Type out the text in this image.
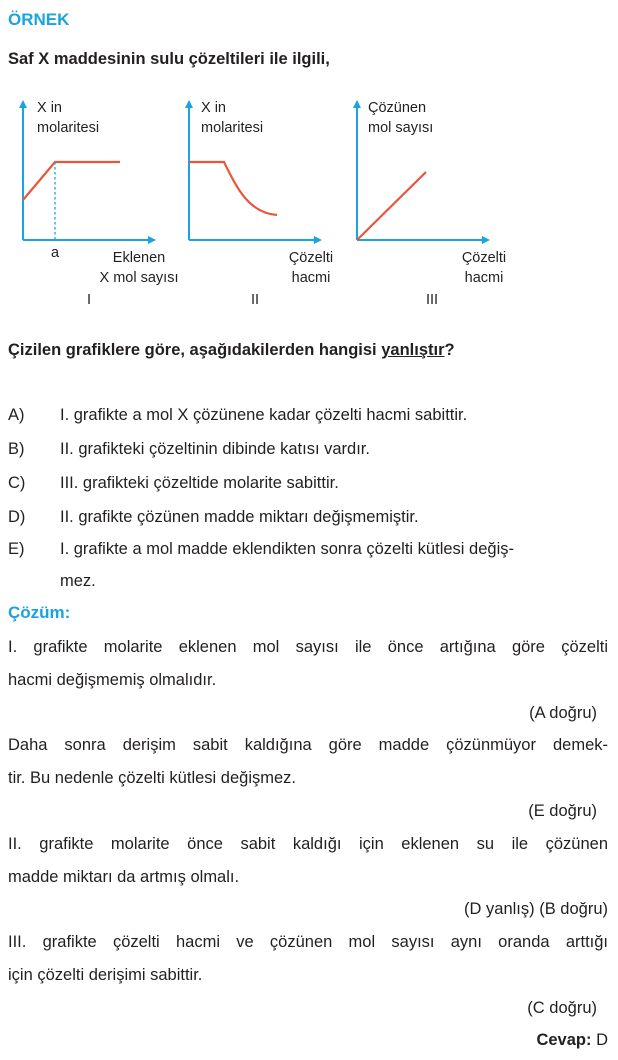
ÖRNEK
Saf X maddesinin sulu çözeltileri ile ilgili,
X in
molaritesi
a	Eklenen
X mol sayısı
I
X in
molaritesi
Çözelti
hacmi
II
Çözünen
mol sayısı
Çözelti
hacmi
III
Çizilen grafiklere göre, aşağıdakilerden hangisi yanlıştır?
A) I. grafikte a mol X çözünene kadar çözelti hacmi sabittir.
B) II. grafikteki çözeltinin dibinde katısı vardır.
C) III. grafikteki çözeltide molarite sabittir.
D) II. grafikte çözünen madde miktarı değişmemiştir.
E) I. grafikte a mol madde eklendikten sonra çözelti kütlesi değiş-
mez.
Çözüm:
I. grafikte molarite eklenen mol sayısı ile önce artığına göre çözelti
hacmi değişmemiş olmalıdır.
(A doğru)
Daha sonra derişim sabit kaldığına göre madde çözünmüyor demek-
tir. Bu nedenle çözelti kütlesi değişmez.
(E doğru)
II. grafikte molarite önce sabit kaldığı için eklenen su ile çözünen
madde miktarı da artmış olmalı.
(D yanlış) (B doğru)
III. grafikte çözelti hacmi ve çözünen mol sayısı aynı oranda arttığı
için çözelti derişimi sabittir.
(C doğru)
Cevap: D
